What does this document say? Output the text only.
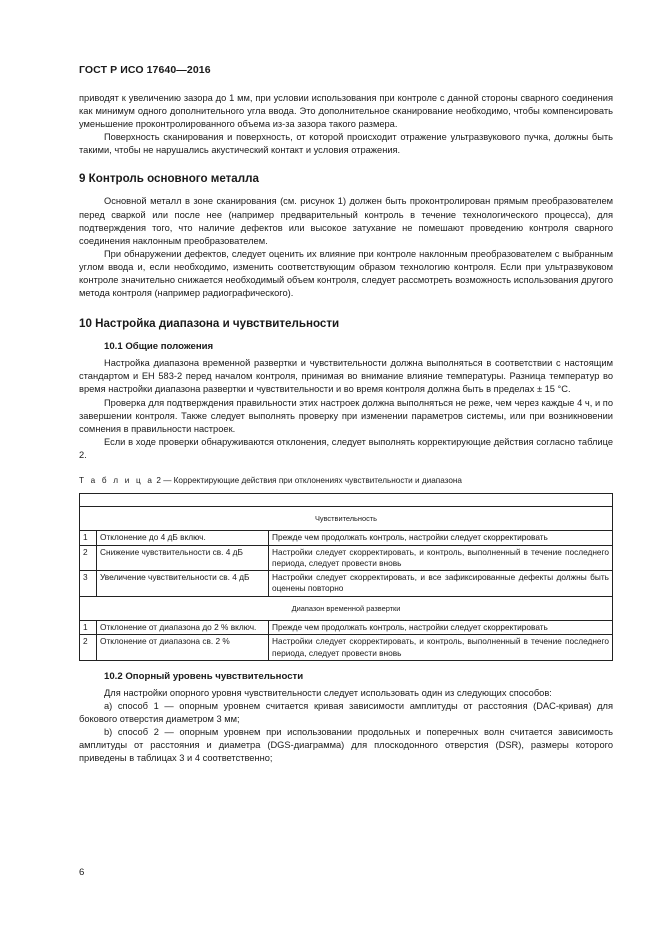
ГОСТ Р ИСО 17640—2016

приводят к увеличению зазора до 1 мм, при условии использования при контроле с данной стороны сварного соединения как минимум одного дополнительного угла ввода. Это дополнительное сканирование необходимо, чтобы компенсировать уменьшение проконтролированного объема из-за зазора такого размера.

Поверхность сканирования и поверхность, от которой происходит отражение ультразвукового пучка, должны быть такими, чтобы не нарушались акустический контакт и условия отражения.

9 Контроль основного металла

Основной металл в зоне сканирования (см. рисунок 1) должен быть проконтролирован прямым преобразователем перед сваркой или после нее (например предварительный контроль в течение технологического процесса), для подтверждения того, что наличие дефектов или высокое затухание не помешают проведению контроля сварного соединения наклонным преобразователем.

При обнаружении дефектов, следует оценить их влияние при контроле наклонным преобразователем с выбранным углом ввода и, если необходимо, изменить соответствующим образом технологию контроля. Если при ультразвуковом контроле значительно снижается необходимый объем контроля, следует рассмотреть возможность использования другого метода контроля (например радиографического).

10 Настройка диапазона и чувствительности
10.1 Общие положения

Настройка диапазона временной развертки и чувствительности должна выполняться в соответствии с настоящим стандартом и ЕН 583-2 перед началом контроля, принимая во внимание влияние температуры. Разница температур во время настройки диапазона развертки и чувствительности и во время контроля должна быть в пределах ± 15 °С.

Проверка для подтверждения правильности этих настроек должна выполняться не реже, чем через каждые 4 ч, и по завершении контроля. Также следует выполнять проверку при изменении параметров системы, или при возникновении сомнения в правильности настроек.

Если в ходе проверки обнаруживаются отклонения, следует выполнять корректирующие действия согласно таблице 2.

Т а б л и ц а 2 — Корректирующие действия при отклонениях чувствительности и диапазона

Чувствительность		
1	Отклонение до 4 дБ включ.	Прежде чем продолжать контроль, настройки следует скорректировать
2	Снижение чувствительности св. 4 дБ	Настройки следует скорректировать, и контроль, выполненный в течение последнего периода, следует провести вновь
3	Увеличение чувствительности св. 4 дБ	Настройки следует скорректировать, и все зафиксированные дефекты должны быть оценены повторно
Диапазон временной развертки		
1	Отклонение от диапазона до 2 % включ.	Прежде чем продолжать контроль, настройки следует скорректировать
2	Отклонение от диапазона св. 2 %	Настройки следует скорректировать, и контроль, выполненный в течение последнего периода, следует провести вновь
10.2 Опорный уровень чувствительности

Для настройки опорного уровня чувствительности следует использовать один из следующих способов:

а) способ 1 — опорным уровнем считается кривая зависимости амплитуды от расстояния (DAC-кривая) для бокового отверстия диаметром 3 мм;

b) способ 2 — опорным уровнем при использовании продольных и поперечных волн считается зависимость амплитуды от расстояния и диаметра (DGS-диаграмма) для плоскодонного отверстия (DSR), размеры которого приведены в таблицах 3 и 4 соответственно;

6
